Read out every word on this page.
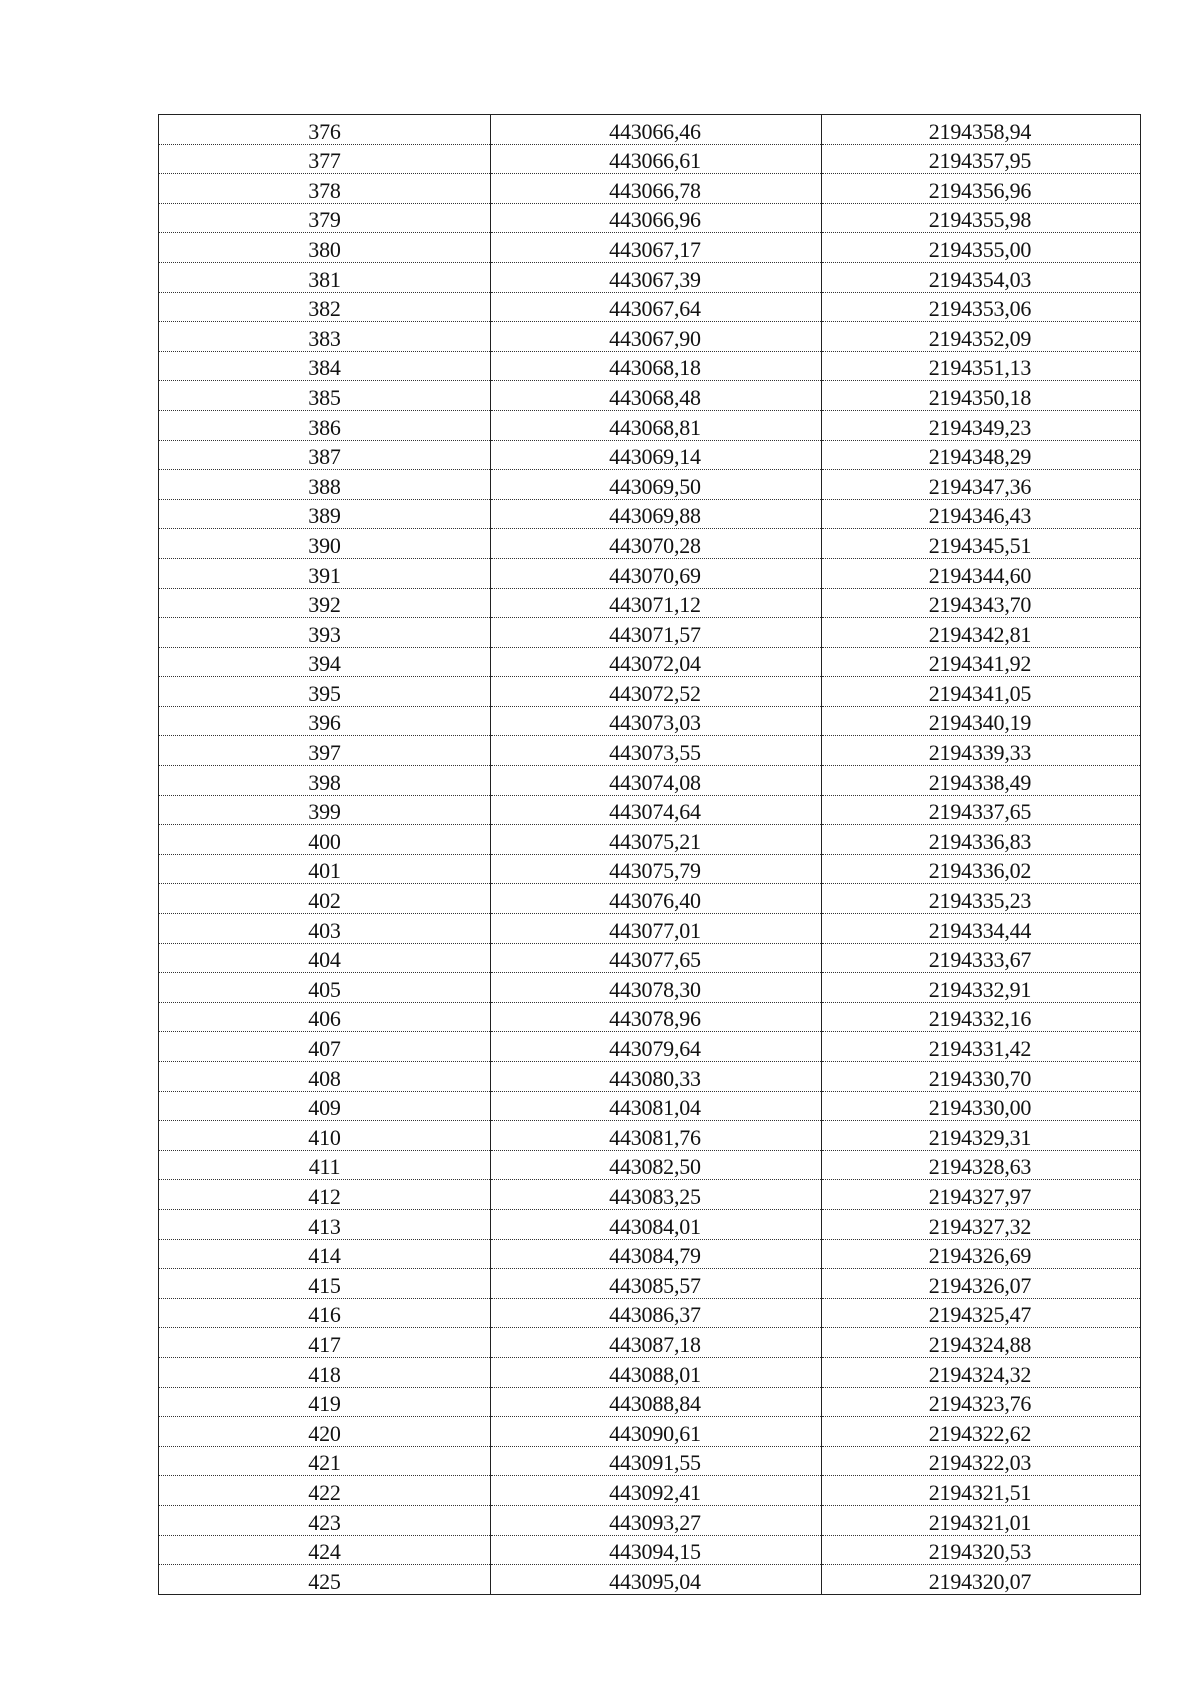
376	443066,46	2194358,94
377	443066,61	2194357,95
378	443066,78	2194356,96
379	443066,96	2194355,98
380	443067,17	2194355,00
381	443067,39	2194354,03
382	443067,64	2194353,06
383	443067,90	2194352,09
384	443068,18	2194351,13
385	443068,48	2194350,18
386	443068,81	2194349,23
387	443069,14	2194348,29
388	443069,50	2194347,36
389	443069,88	2194346,43
390	443070,28	2194345,51
391	443070,69	2194344,60
392	443071,12	2194343,70
393	443071,57	2194342,81
394	443072,04	2194341,92
395	443072,52	2194341,05
396	443073,03	2194340,19
397	443073,55	2194339,33
398	443074,08	2194338,49
399	443074,64	2194337,65
400	443075,21	2194336,83
401	443075,79	2194336,02
402	443076,40	2194335,23
403	443077,01	2194334,44
404	443077,65	2194333,67
405	443078,30	2194332,91
406	443078,96	2194332,16
407	443079,64	2194331,42
408	443080,33	2194330,70
409	443081,04	2194330,00
410	443081,76	2194329,31
411	443082,50	2194328,63
412	443083,25	2194327,97
413	443084,01	2194327,32
414	443084,79	2194326,69
415	443085,57	2194326,07
416	443086,37	2194325,47
417	443087,18	2194324,88
418	443088,01	2194324,32
419	443088,84	2194323,76
420	443090,61	2194322,62
421	443091,55	2194322,03
422	443092,41	2194321,51
423	443093,27	2194321,01
424	443094,15	2194320,53
425	443095,04	2194320,07
